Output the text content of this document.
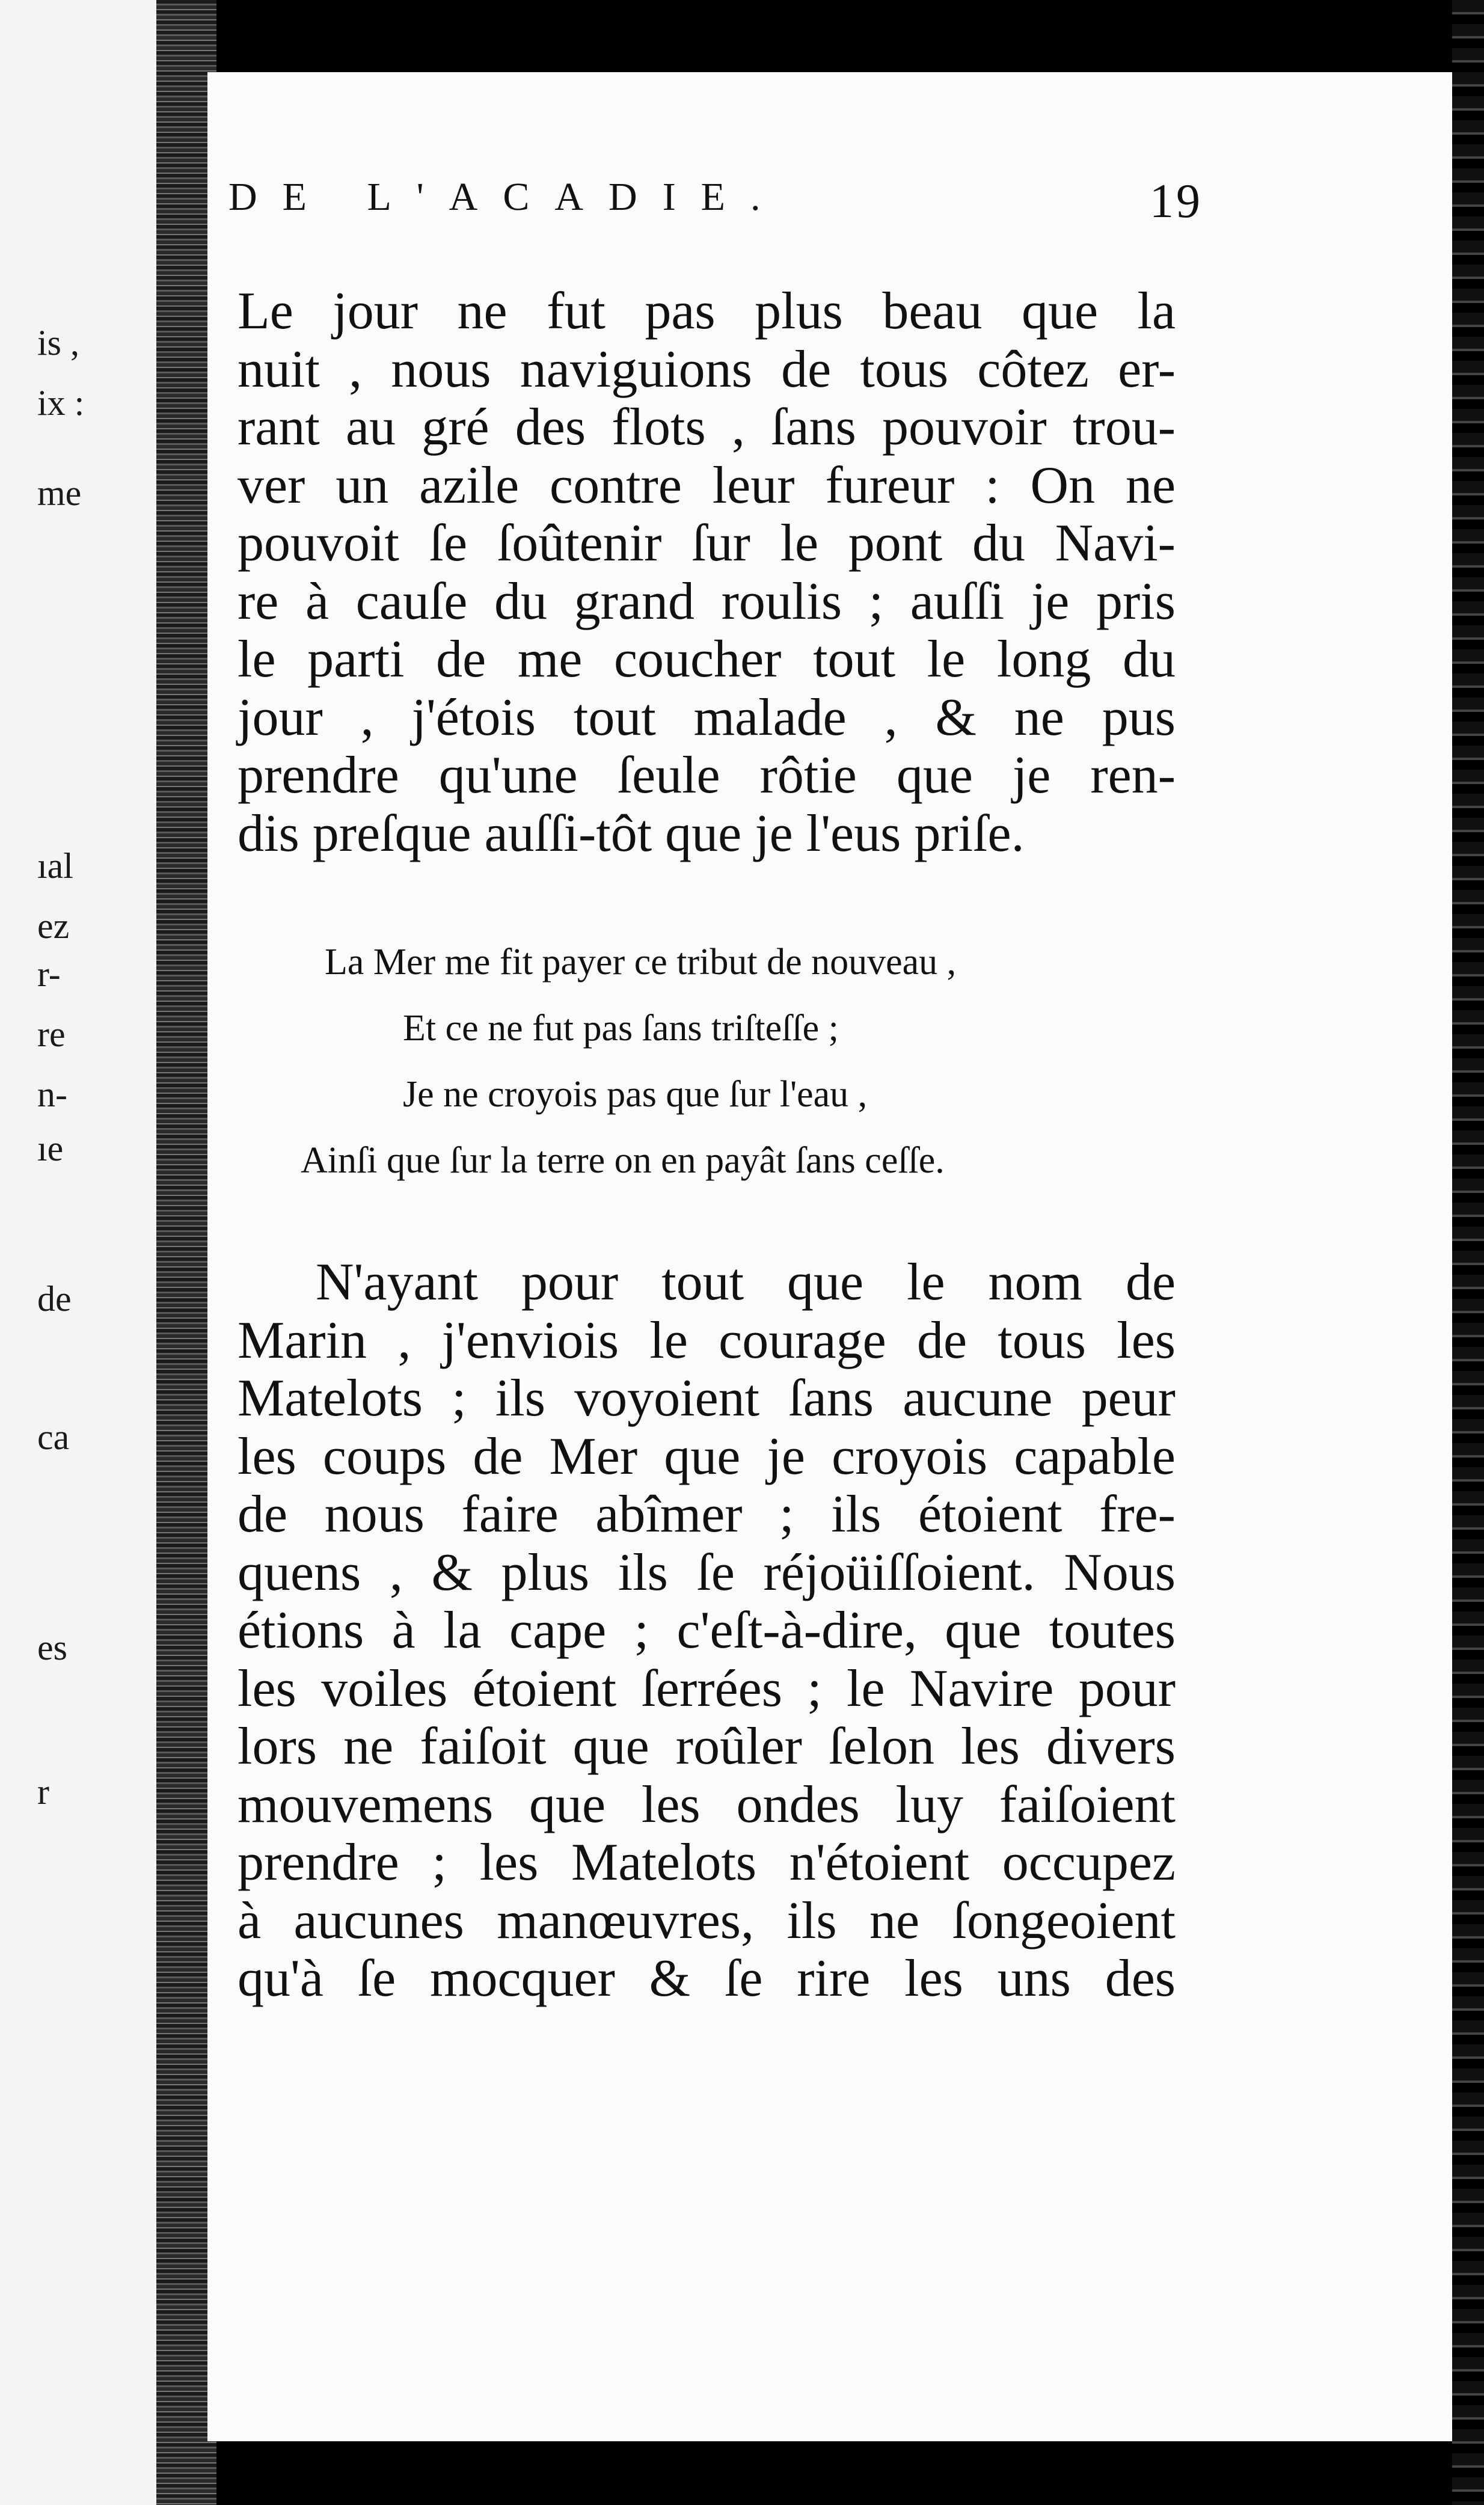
is ,
ix :
me
ıal
ez
r-
re
n-
ıe
de
ca
es
r
DE L'ACADIE.	19
Le jour ne fut pas plus beau que la
nuit , nous naviguions de tous côtez er-
rant au gré des flots , ſans pouvoir trou-
ver un azile contre leur fureur : On ne
pouvoit ſe ſoûtenir ſur le pont du Navi-
re à cauſe du grand roulis ; auſſi je pris
le parti de me coucher tout le long du
jour , j'étois tout malade , & ne pus
prendre qu'une ſeule rôtie que je ren-
dis preſque auſſi-tôt que je l'eus priſe.
La Mer me fit payer ce tribut de nouveau ,
Et ce ne fut pas ſans triſteſſe ;
Je ne croyois pas que ſur l'eau ,
Ainſi que ſur la terre on en payât ſans ceſſe.
N'ayant pour tout que le nom de
Marin , j'enviois le courage de tous les
Matelots ; ils voyoient ſans aucune peur
les coups de Mer que je croyois capable
de nous faire abîmer ; ils étoient fre-
quens , & plus ils ſe réjoüiſſoient. Nous
étions à la cape ; c'eſt-à-dire, que toutes
les voiles étoient ſerrées ; le Navire pour
lors ne faiſoit que roûler ſelon les divers
mouvemens que les ondes luy faiſoient
prendre ; les Matelots n'étoient occupez
à aucunes manœuvres, ils ne ſongeoient
qu'à ſe mocquer & ſe rire les uns des
